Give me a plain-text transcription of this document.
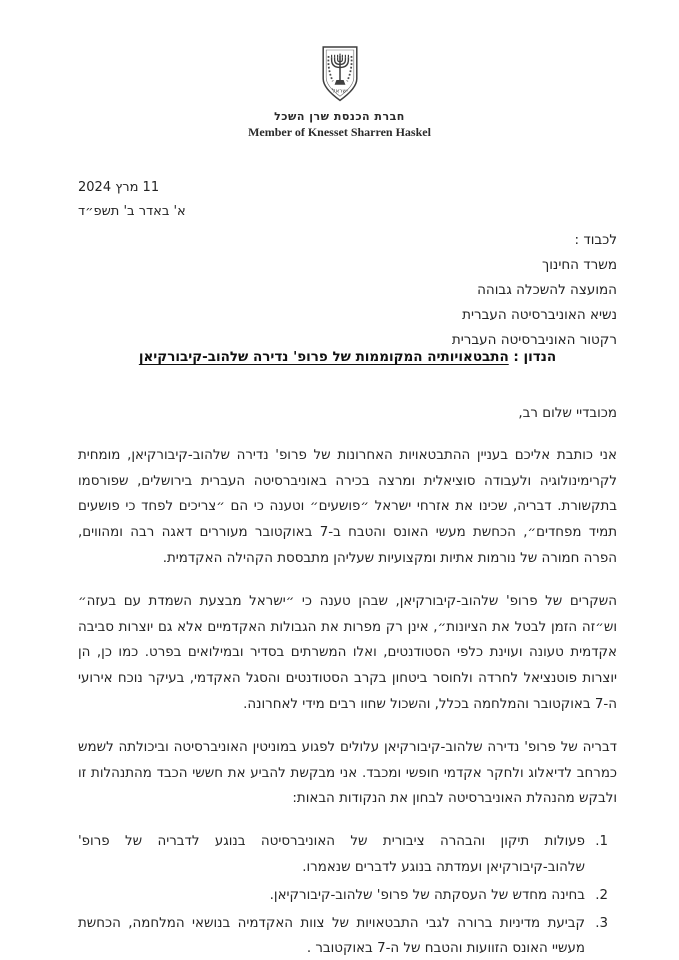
ישראל
חברת הכנסת שרן השכל
Member of Knesset Sharren Haskel
11 מרץ 2024
א' באדר ב' תשפ״ד
לכבוד :
משרד החינוך
המועצה להשכלה גבוהה
נשיא האוניברסיטה העברית
רקטור האוניברסיטה העברית
הנדון : התבטאויותיה המקוממות של פרופ' נדירה שלהוב-קיבורקיאן
מכובדיי שלום רב,

אני כותבת אליכם בעניין ההתבטאויות האחרונות של פרופ' נדירה שלהוב-קיבורקיאן, מומחית לקרימינולוגיה ולעבודה סוציאלית ומרצה בכירה באוניברסיטה העברית בירושלים, שפורסמו בתקשורת. דבריה, שכינו את אזרחי ישראל ״פושעים״ וטענה כי הם ״צריכים לפחד כי פושעים תמיד מפחדים״, הכחשת מעשי האונס והטבח ב-7 באוקטובר מעוררים דאגה רבה ומהווים, הפרה חמורה של נורמות אתיות ומקצועיות שעליהן מתבססת הקהילה האקדמית.

השקרים של פרופ' שלהוב-קיבורקיאן, שבהן טענה כי ״ישראל מבצעת השמדת עם בעזה״ וש״זה הזמן לבטל את הציונות״, אינן רק מפרות את הגבולות האקדמיים אלא גם יוצרות סביבה אקדמית טעונה ועוינת כלפי הסטודנטים, ואלו המשרתים בסדיר ובמילואים בפרט. כמו כן, הן יוצרות פוטנציאל לחרדה ולחוסר ביטחון בקרב הסטודנטים והסגל האקדמי, בעיקר נוכח אירועי ה-7 באוקטובר והמלחמה בכלל, והשכול שחוו רבים מידי לאחרונה.

דבריה של פרופ' נדירה שלהוב-קיבורקיאן עלולים לפגוע במוניטין האוניברסיטה וביכולתה לשמש כמרחב לדיאלוג ולחקר אקדמי חופשי ומכבד. אני מבקשת להביע את חששי הכבד מהתנהלות זו ולבקש מהנהלת האוניברסיטה לבחון את הנקודות הבאות:

1. פעולות תיקון והבהרה ציבורית של האוניברסיטה בנוגע לדבריה של פרופ' שלהוב-קיבורקיאן ועמדתה בנוגע לדברים שנאמרו.
2. בחינה מחדש של העסקתה של פרופ' שלהוב-קיבורקיאן.
3. קביעת מדיניות ברורה לגבי התבטאויות של צוות האקדמיה בנושאי המלחמה, הכחשת מעשיי האונס הזוועות והטבח של ה-7 באוקטובר .
